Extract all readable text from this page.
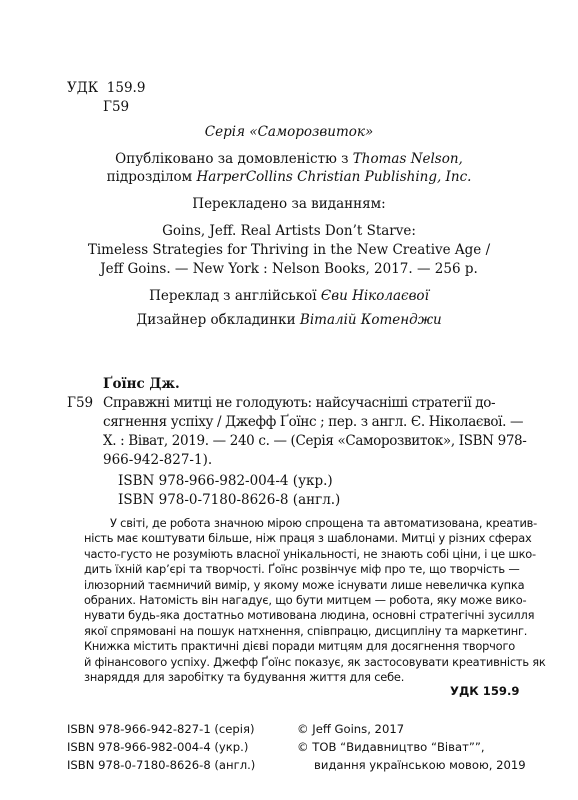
УДК 159.9
Г59
Серія «Саморозвиток»
Опубліковано за домовленістю з Thomas Nelson,
підрозділом HarperCollins Christian Publishing, Inc.
Перекладено за виданням:
Goins, Jeff. Real Artists Don’t Starve:
Timeless Strategies for Thriving in the New Creative Age /
Jeff Goins. — New York : Nelson Books, 2017. — 256 p.
Переклад з англійської Єви Ніколаєвої
Дизайнер обкладинки Віталій Котенджи
Ґоїнс Дж.
Г59 Справжні митці не голодують: найсучасніші стратегії до-
сягнення успіху / Джефф Ґоїнс ; пер. з англ. Є. Ніколаєвої. —
Х. : Віват, 2019. — 240 с. — (Серія «Саморозвиток», ISBN 978-
966-942-827-1).
ISBN 978-966-982-004-4 (укр.)
ISBN 978-0-7180-8626-8 (англ.)
У світі, де робота значною мірою спрощена та автоматизована, креатив-
ність має коштувати більше, ніж праця з шаблонами. Митці у різних сферах
часто-густо не розуміють власної унікальності, не знають собі ціни, і це шко-
дить їхній кар’єрі та творчості. Ґоїнс розвінчує міф про те, що творчість —
ілюзорний таємничий вимір, у якому може існувати лише невеличка купка
обраних. Натомість він нагадує, що бути митцем — робота, яку може вико-
нувати будь-яка достатньо мотивована людина, основні стратегічні зусилля
якої спрямовані на пошук натхнення, співпрацю, дисципліну та маркетинг.
Книжка містить практичні дієві поради митцям для досягнення творчого
й фінансового успіху. Джефф Ґоїнс показує, як застосовувати креативність як
знаряддя для заробітку та будування життя для себе.
УДК 159.9
ISBN 978-966-942-827-1 (серія)
ISBN 978-966-982-004-4 (укр.)
ISBN 978-0-7180-8626-8 (англ.)
© Jeff Goins, 2017
© ТОВ “Видавництво “Віват””,
видання українською мовою, 2019
